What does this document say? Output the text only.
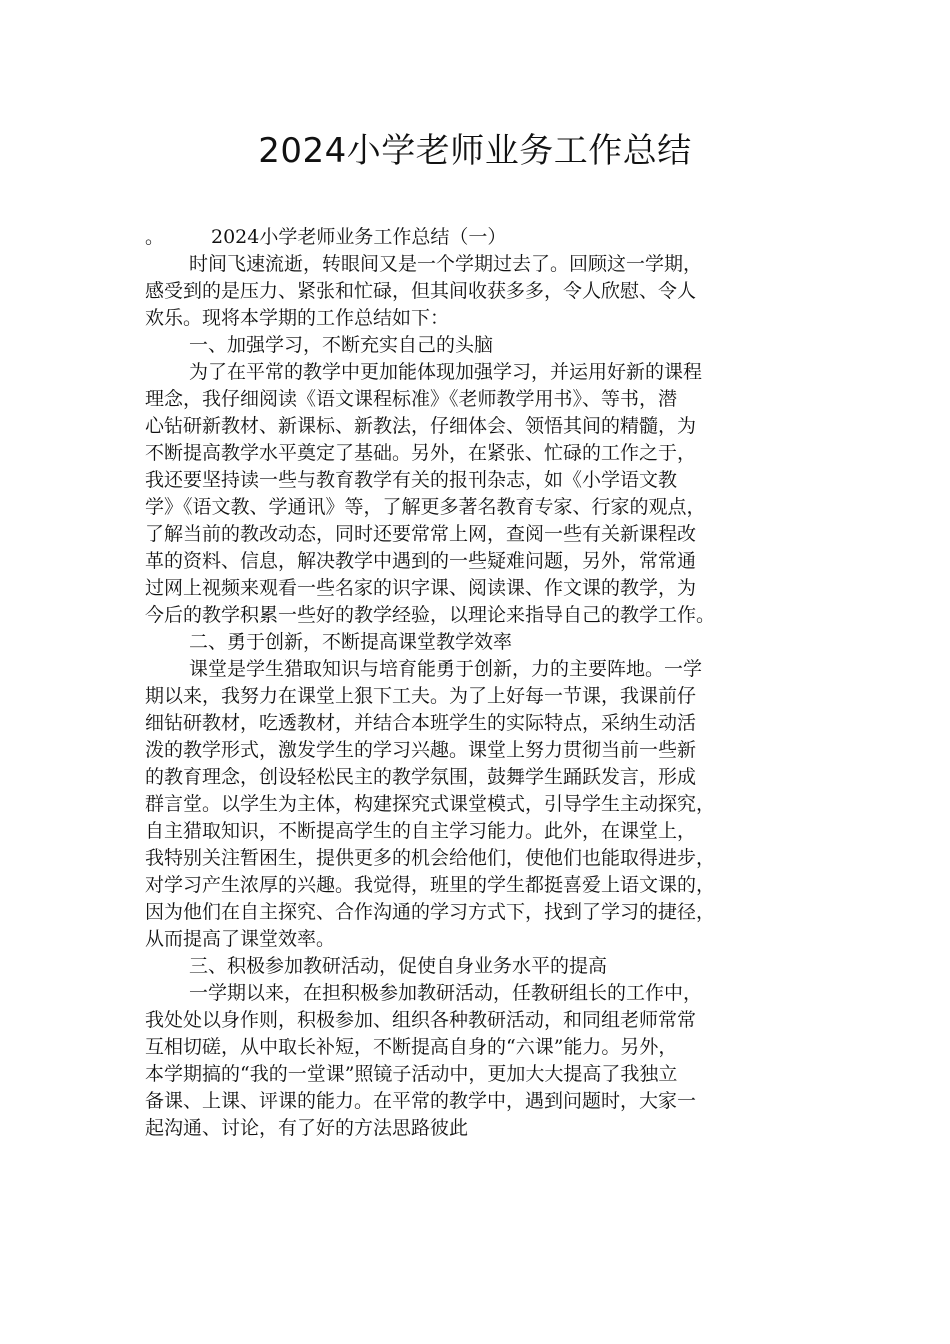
2024小学老师业务工作总结
。 2024小学老师业务工作总结（一）
时间飞速流逝，转眼间又是一个学期过去了。回顾这一学期，
感受到的是压力、紧张和忙碌，但其间收获多多，令人欣慰、令人
欢乐。现将本学期的工作总结如下：
一、加强学习，不断充实自己的头脑
为了在平常的教学中更加能体现加强学习，并运用好新的课程
理念，我仔细阅读《语文课程标准》《老师教学用书》、等书，潜
心钻研新教材、新课标、新教法，仔细体会、领悟其间的精髓，为
不断提高教学水平奠定了基础。另外，在紧张、忙碌的工作之于，
我还要坚持读一些与教育教学有关的报刊杂志，如《小学语文教
学》《语文教、学通讯》等，了解更多著名教育专家、行家的观点，
了解当前的教改动态，同时还要常常上网，查阅一些有关新课程改
革的资料、信息，解决教学中遇到的一些疑难问题，另外，常常通
过网上视频来观看一些名家的识字课、阅读课、作文课的教学，为
今后的教学积累一些好的教学经验，以理论来指导自己的教学工作。
二、勇于创新，不断提高课堂教学效率
课堂是学生猎取知识与培育能勇于创新，力的主要阵地。一学
期以来，我努力在课堂上狠下工夫。为了上好每一节课，我课前仔
细钻研教材，吃透教材，并结合本班学生的实际特点，采纳生动活
泼的教学形式，激发学生的学习兴趣。课堂上努力贯彻当前一些新
的教育理念，创设轻松民主的教学氛围，鼓舞学生踊跃发言，形成
群言堂。以学生为主体，构建探究式课堂模式，引导学生主动探究，
自主猎取知识，不断提高学生的自主学习能力。此外，在课堂上，
我特别关注暂困生，提供更多的机会给他们，使他们也能取得进步，
对学习产生浓厚的兴趣。我觉得，班里的学生都挺喜爱上语文课的，
因为他们在自主探究、合作沟通的学习方式下，找到了学习的捷径，
从而提高了课堂效率。
三、积极参加教研活动，促使自身业务水平的提高
一学期以来，在担积极参加教研活动，任教研组长的工作中，
我处处以身作则，积极参加、组织各种教研活动，和同组老师常常
互相切磋，从中取长补短，不断提高自身的“六课”能力。另外，
本学期搞的“我的一堂课”照镜子活动中，更加大大提高了我独立
备课、上课、评课的能力。在平常的教学中，遇到问题时，大家一
起沟通、讨论，有了好的方法思路彼此
